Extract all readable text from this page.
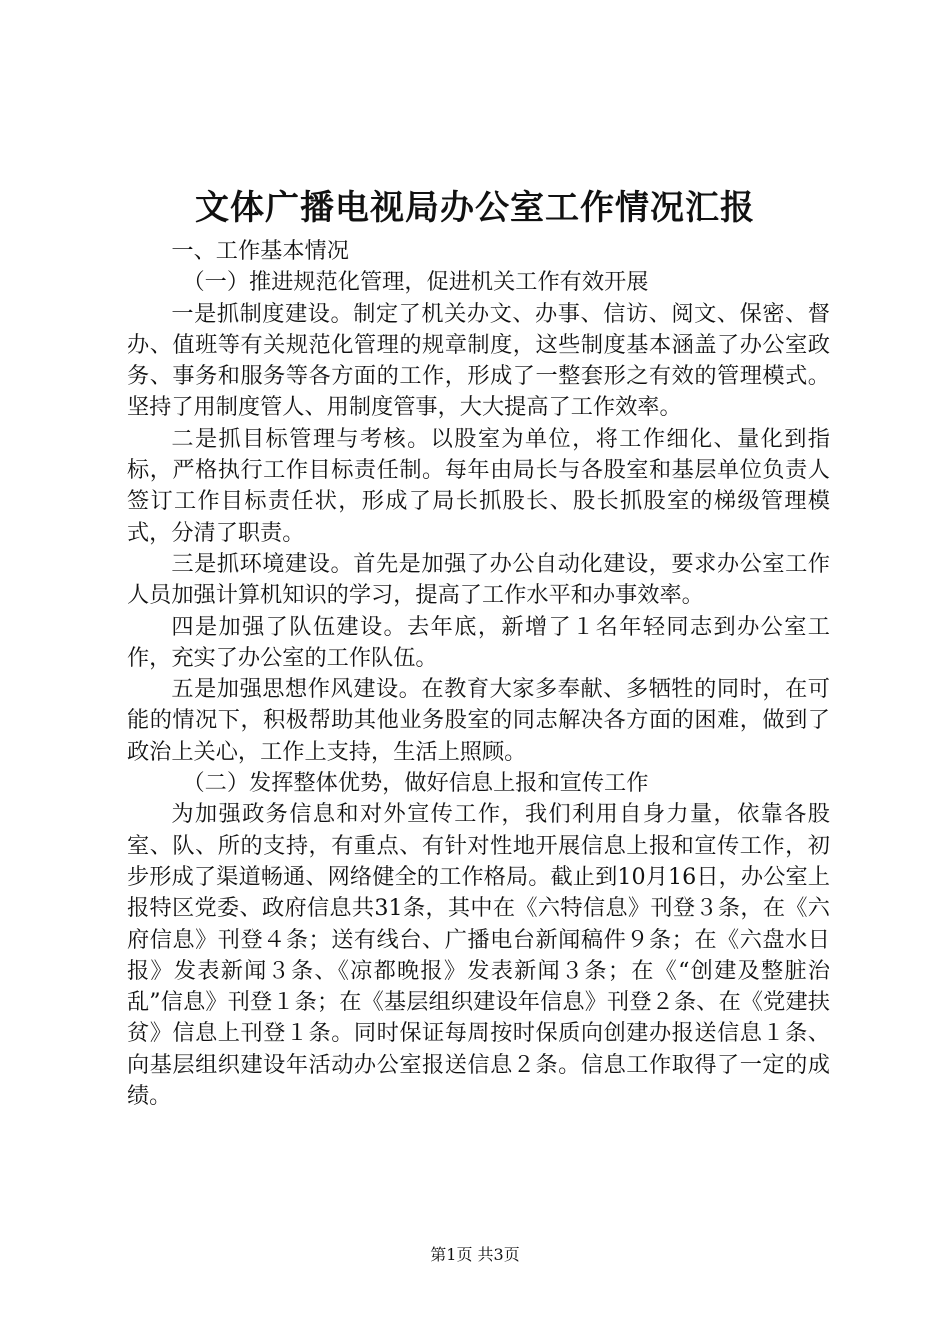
文体广播电视局办公室工作情况汇报

一、工作基本情况

（一）推进规范化管理，促进机关工作有效开展

一是抓制度建设。制定了机关办文、办事、信访、阅文、保密、督办、值班等有关规范化管理的规章制度，这些制度基本涵盖了办公室政务、事务和服务等各方面的工作，形成了一整套形之有效的管理模式。坚持了用制度管人、用制度管事，大大提高了工作效率。

二是抓目标管理与考核。以股室为单位，将工作细化、量化到指标，严格执行工作目标责任制。每年由局长与各股室和基层单位负责人签订工作目标责任状，形成了局长抓股长、股长抓股室的梯级管理模式，分清了职责。

三是抓环境建设。首先是加强了办公自动化建设，要求办公室工作人员加强计算机知识的学习，提高了工作水平和办事效率。

四是加强了队伍建设。去年底，新增了１名年轻同志到办公室工作，充实了办公室的工作队伍。

五是加强思想作风建设。在教育大家多奉献、多牺牲的同时，在可能的情况下，积极帮助其他业务股室的同志解决各方面的困难，做到了政治上关心，工作上支持，生活上照顾。

（二）发挥整体优势，做好信息上报和宣传工作

为加强政务信息和对外宣传工作，我们利用自身力量，依靠各股室、队、所的支持，有重点、有针对性地开展信息上报和宣传工作，初步形成了渠道畅通、网络健全的工作格局。截止到10月16日，办公室上报特区党委、政府信息共31条，其中在《六特信息》刊登３条，在《六府信息》刊登４条；送有线台、广播电台新闻稿件９条；在《六盘水日报》发表新闻３条、《凉都晚报》发表新闻３条；在《“创建及整脏治乱”信息》刊登１条；在《基层组织建设年信息》刊登２条、在《党建扶贫》信息上刊登１条。同时保证每周按时保质向创建办报送信息１条、向基层组织建设年活动办公室报送信息２条。信息工作取得了一定的成绩。

第1页 共3页
